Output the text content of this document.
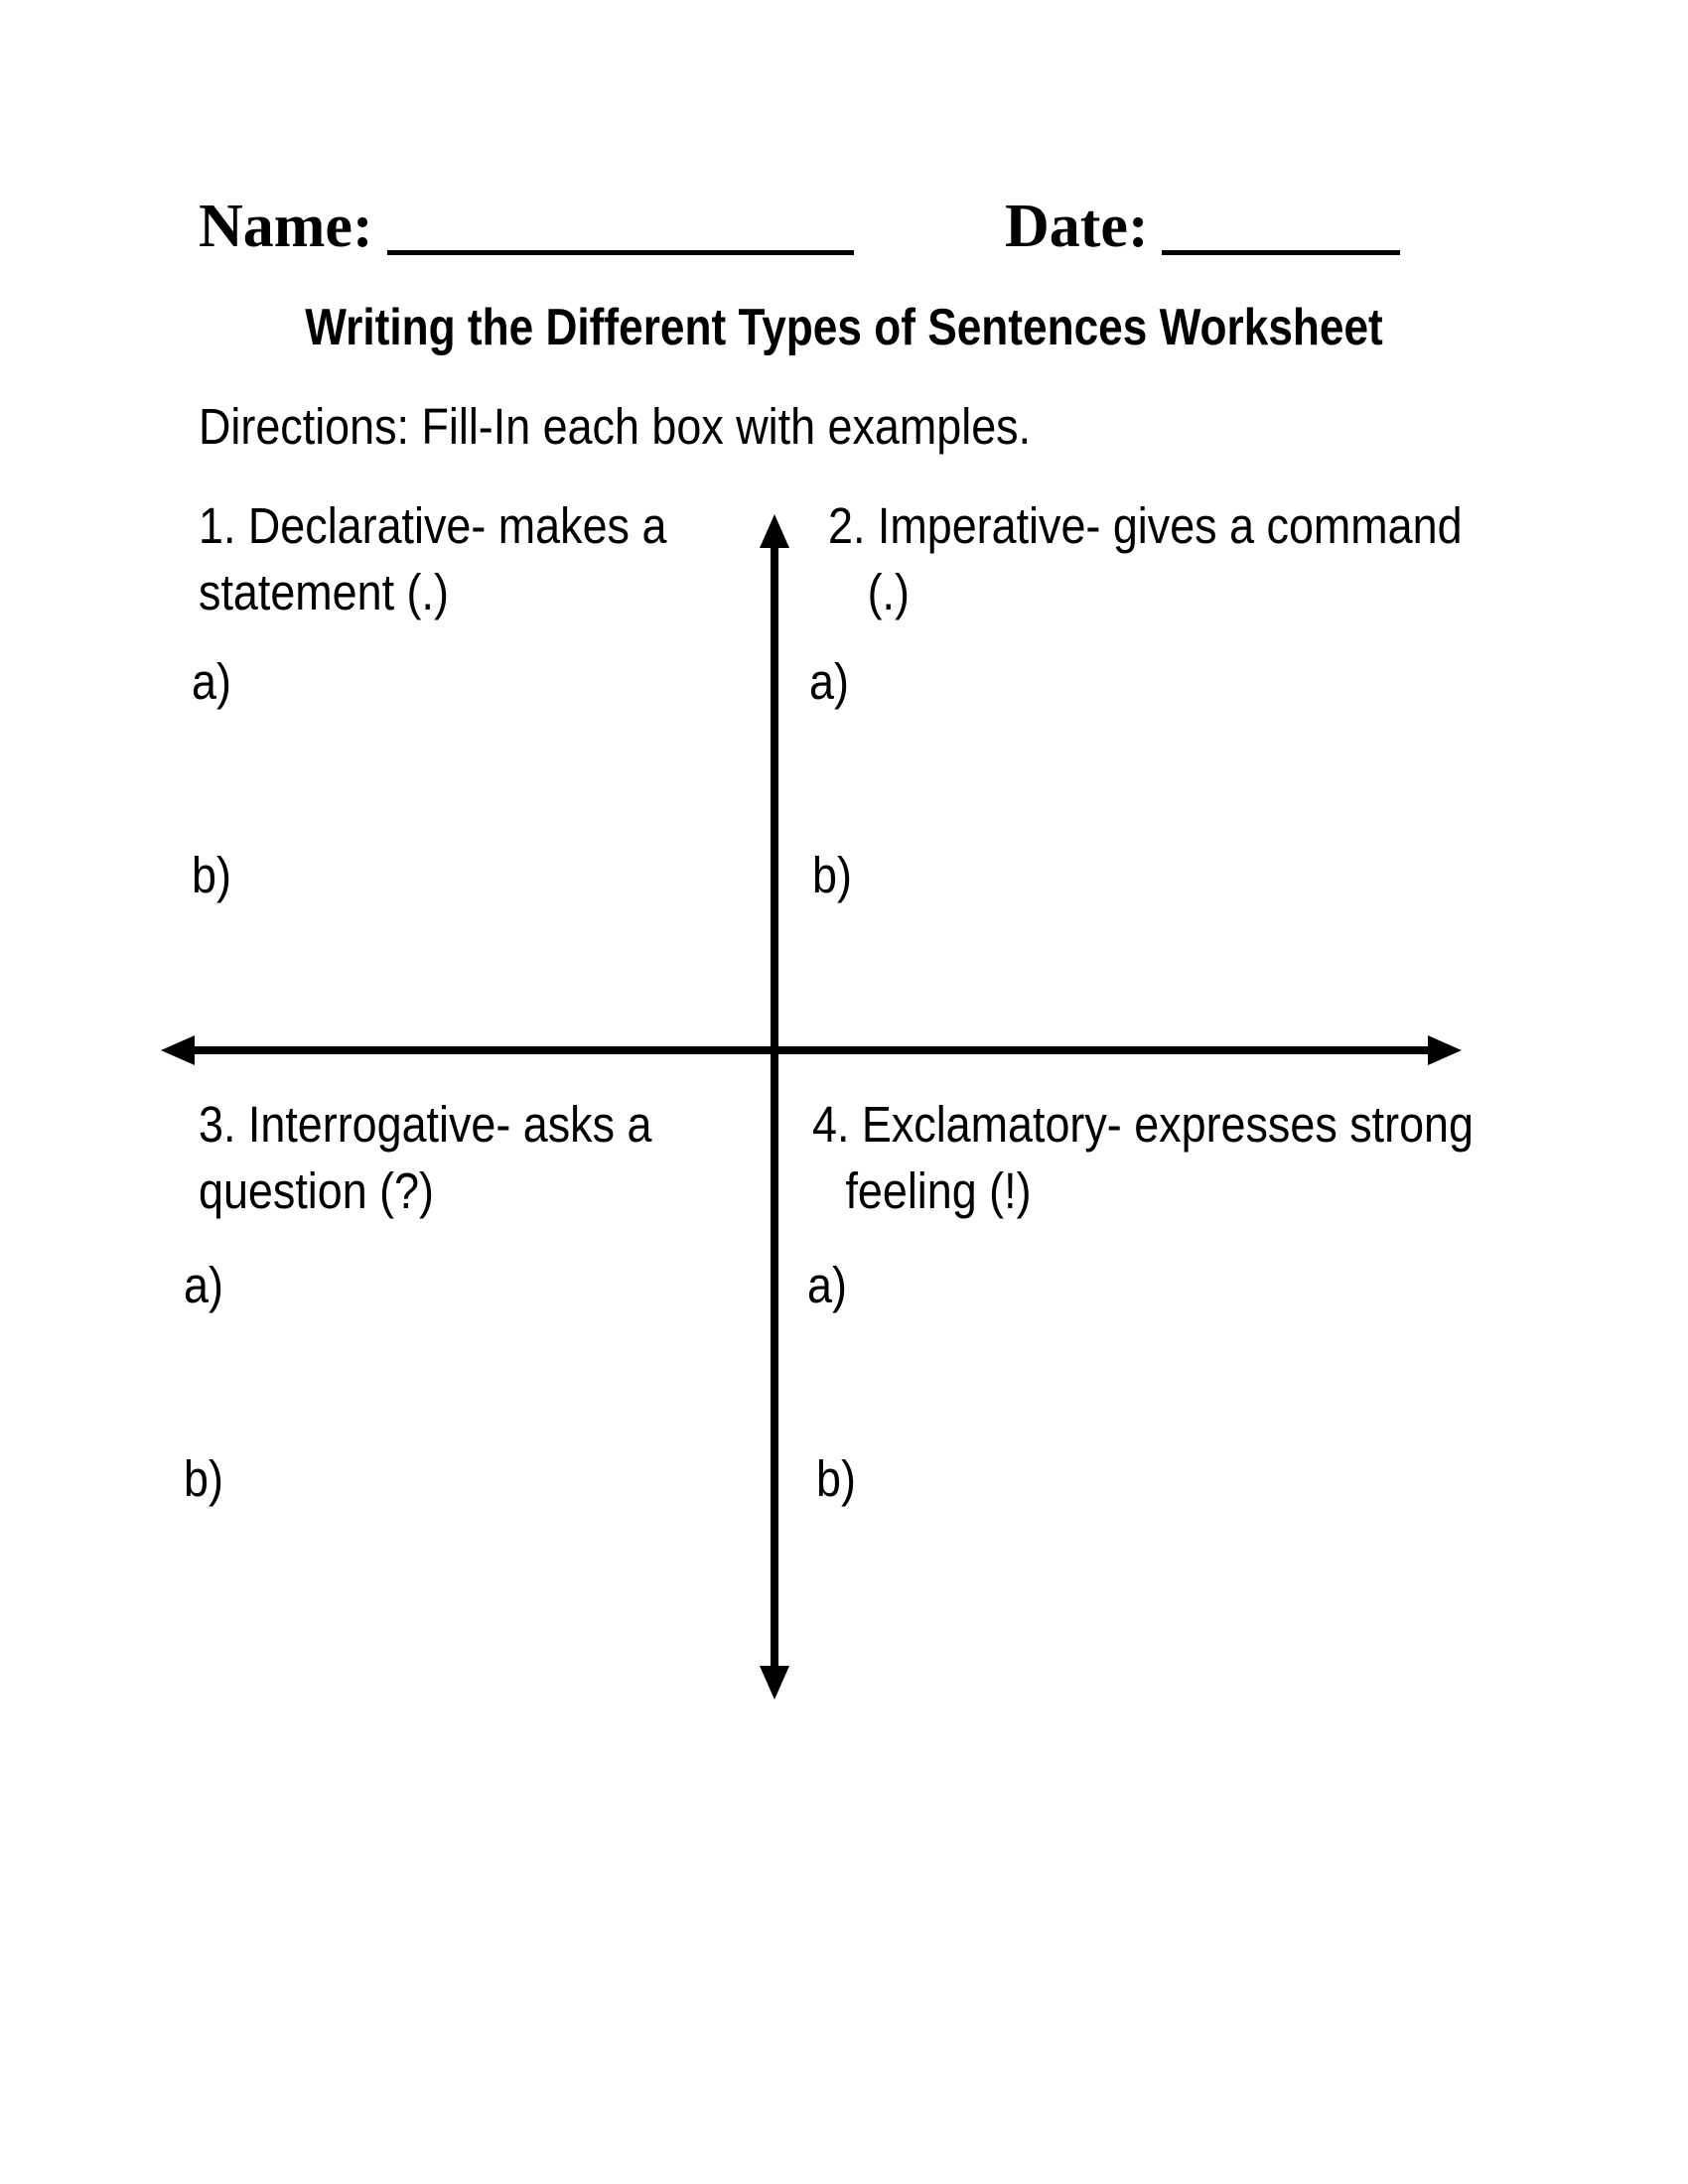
Name:	Date:
Writing the Different Types of Sentences Worksheet
Directions: Fill-In each box with examples.
1. Declarative- makes a
statement (.)
a)
b)
2. Imperative- gives a command
(.)
a)
b)
3. Interrogative- asks a
question (?)
a)
b)
4. Exclamatory- expresses strong
feeling (!)
a)
b)
